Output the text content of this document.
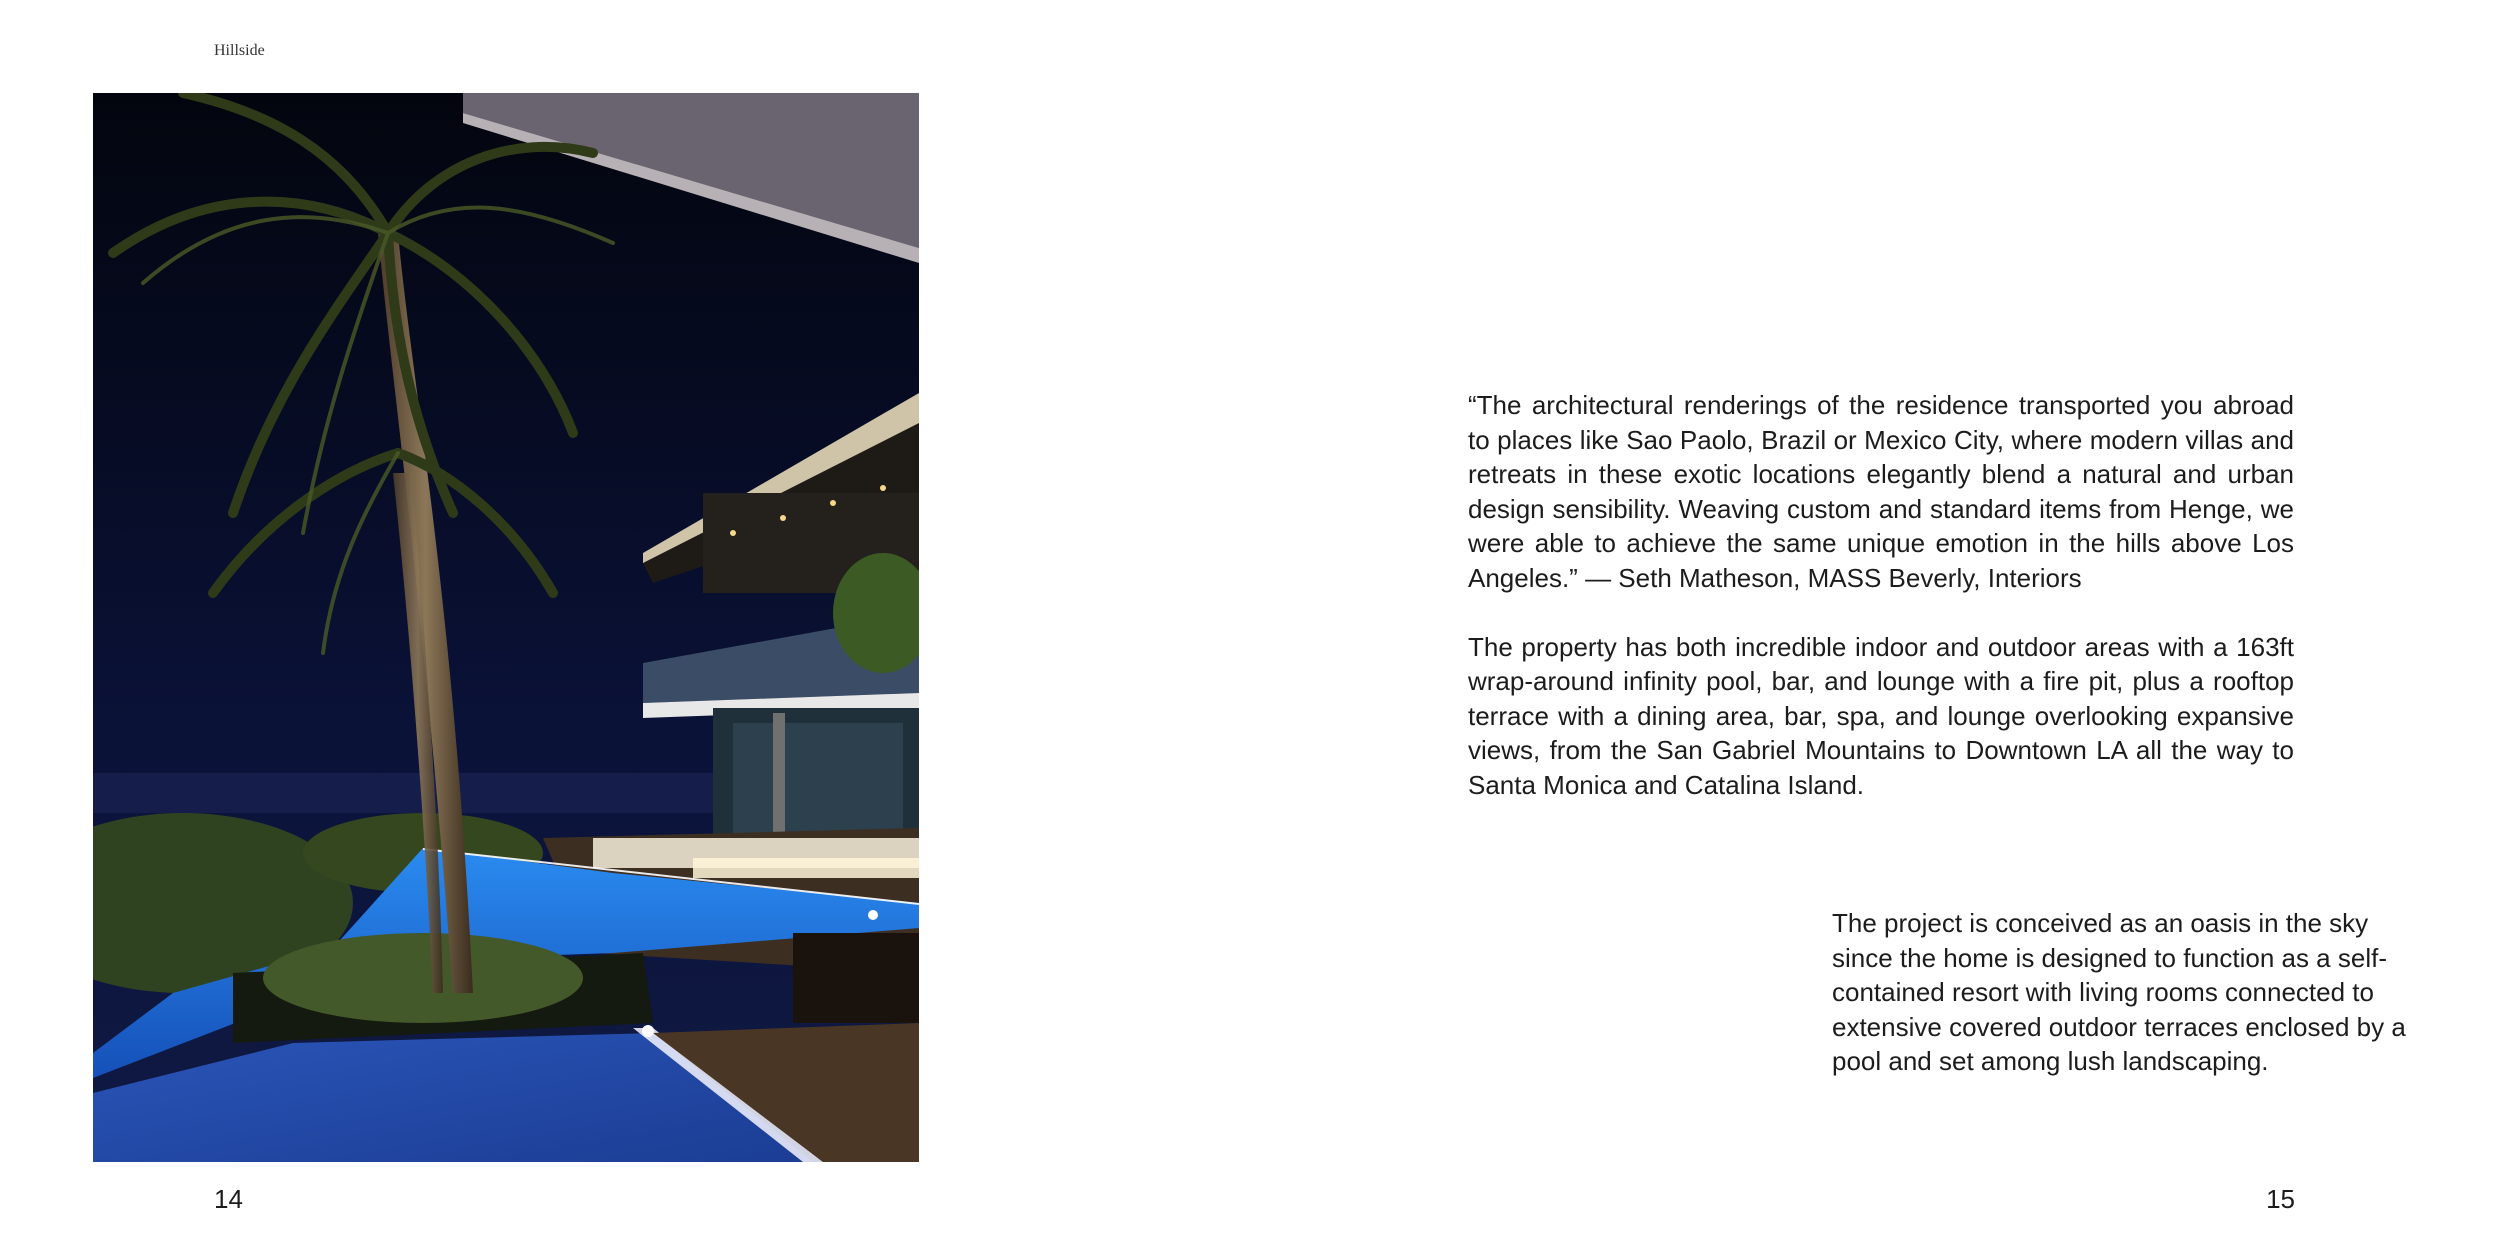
Hillside

“The architectural renderings of the residence transported you abroad to places like Sao Paolo, Brazil or Mexico City, where modern villas and retreats in these exotic locations elegantly blend a natural and urban design sensibility. Weaving custom and standard items from Henge, we were able to achieve the same unique emotion in the hills above Los Angeles.” — Seth Matheson, MASS Beverly, Interiors

The property has both incredible indoor and outdoor areas with a 163ft wrap-around infinity pool, bar, and lounge with a fire pit, plus a rooftop terrace with a dining area, bar, spa, and lounge overlooking expansive views, from the San Gabriel Mountains to Downtown LA all the way to Santa Monica and Catalina Island.

The project is conceived as an oasis in the sky since the home is designed to function as a self-contained resort with living rooms connected to extensive covered outdoor terraces enclosed by a pool and set among lush landscaping.

14	15
